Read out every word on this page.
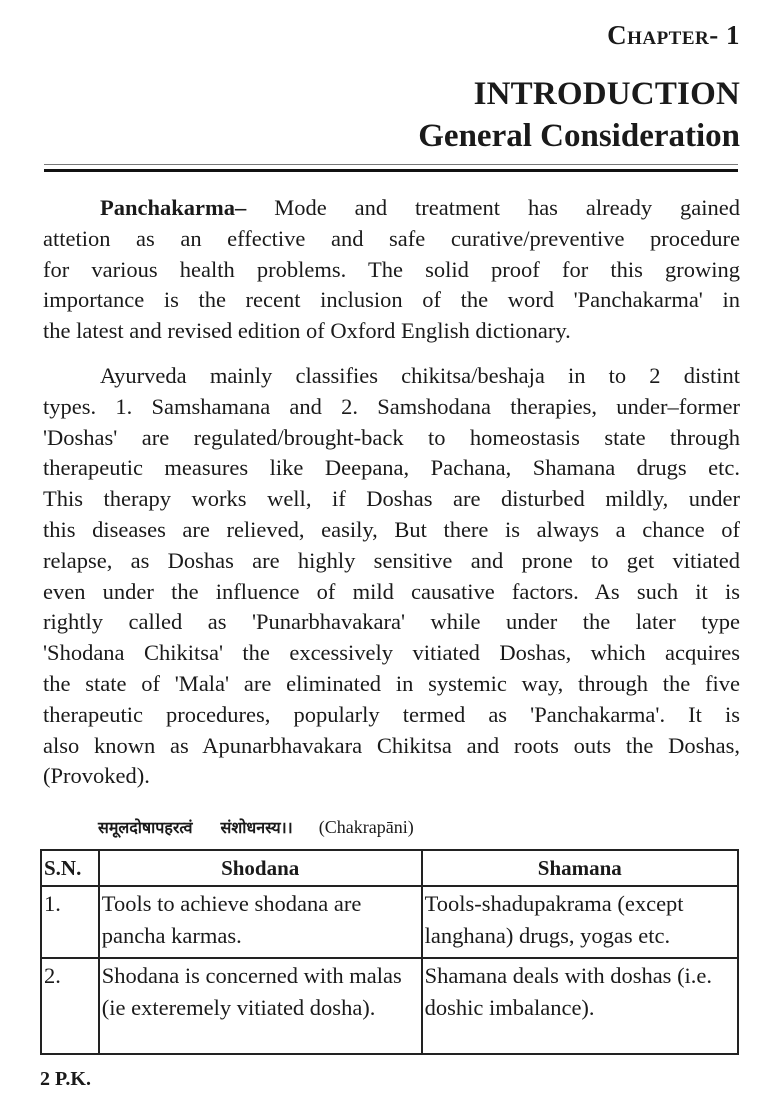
Chapter- 1
INTRODUCTION
General Consideration
Panchakarma– Mode and treatment has already gained
attetion as an effective and safe curative/preventive procedure
for various health problems. The solid proof for this growing
importance is the recent inclusion of the word 'Panchakarma' in
the latest and revised edition of Oxford English dictionary.
Ayurveda mainly classifies chikitsa/beshaja in to 2 distint
types. 1. Samshamana and 2. Samshodana therapies, under–former
'Doshas' are regulated/brought-back to homeostasis state through
therapeutic measures like Deepana, Pachana, Shamana drugs etc.
This therapy works well, if Doshas are disturbed mildly, under
this diseases are relieved, easily, But there is always a chance of
relapse, as Doshas are highly sensitive and prone to get vitiated
even under the influence of mild causative factors. As such it is
rightly called as 'Punarbhavakara' while under the later type
'Shodana Chikitsa' the excessively vitiated Doshas, which acquires
the state of 'Mala' are eliminated in systemic way, through the five
therapeutic procedures, popularly termed as 'Panchakarma'. It is
also known as Apunarbhavakara Chikitsa and roots outs the Doshas,
(Provoked).
समूलदोषापहरत्वं संशोधनस्य।। (Chakrapāni)
S.N.	Shodana	Shamana
1.	Tools to achieve shodana are pancha karmas.	Tools-shadupakrama (except langhana) drugs, yogas etc.
2.	Shodana is concerned with malas (ie exteremely vitiated dosha).	Shamana deals with doshas (i.e. doshic imbalance).
2 P.K.
